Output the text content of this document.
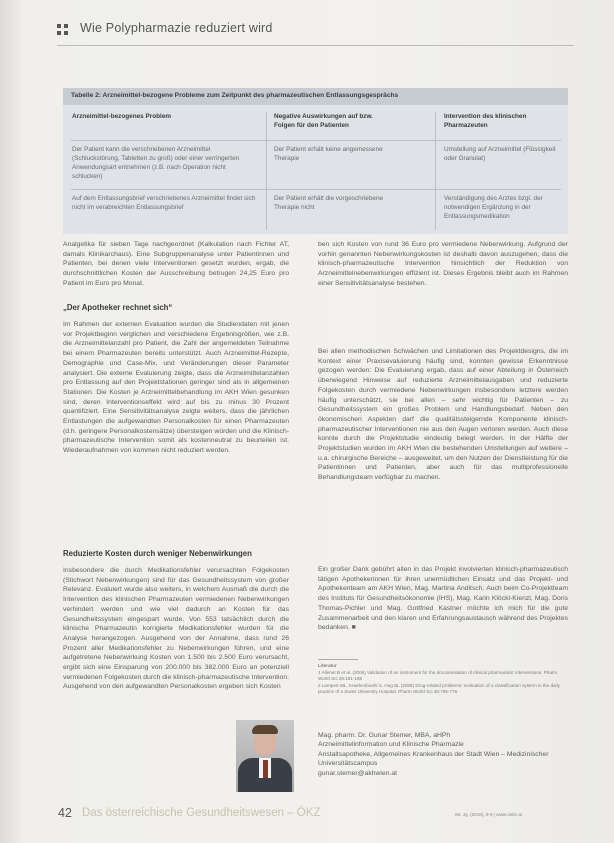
Wie Polypharmazie reduziert wird
Tabelle 2: Arzneimittel-bezogene Probleme zum Zeitpunkt des pharmazeutischen Entlassungsgesprächs
Arzneimittel-bezogenes Problem	Negative Auswirkungen auf bzw. Folgen für den Patienten
Intervention des klinischen Pharmazeuten
Der Patient kann die verschriebenen Arzneimittel (Schluckstörung, Tabletten zu groß) oder einer verringerten Anwendungsart entnehmen (z.B. nach Operation nicht schlucken)
Der Patient erhält keine angemessene Therapie
Umstellung auf Arzneimittel (Flüssigkeit oder Granulat)
Auf dem Entlassungsbrief verschriebenes Arzneimittel findet sich nicht im verabreichten Entlassungsbrief
Der Patient erhält die vorgeschriebene Therapie nicht
Verständigung des Arztes bzgl. der notwendigen Ergänzung in der Entlassungsmedikation
Analgetika für sieben Tage nachgeordnet (Kalkulation nach Fichter AT, damals Klinikarchaus). Eine Subgruppenanalyse unter Patientinnen und Patienten, bei denen viele Interventionen gesetzt wurden, ergab, die durchschnittlichen Kosten der Ausschreibung betrugen 24,25 Euro pro Patient im Euro pro Monat.
„Der Apotheker rechnet sich“
Im Rahmen der externen Evaluation wurden die Studiendaten mit jenen vor Projektbeginn verglichen und verschiedene Ergebnisgrößen, wie z.B. die Arzneimittelanzahl pro Patient, die Zahl der angemeldeten Teilnahme bei einem Pharmazeuten bereits unterstützt. Auch Arzneimittel-Rezepte, Demographie und Case-Mix, und Veränderungen dieser Parameter analysiert. Die externe Evaluierung zeigte, dass die Arzneimittelanzahlen pro Entlassung auf den Projektstationen geringer sind als in allgemeinen Stationen. Die Kosten je Arzneimittelbehandlung im AKH Wien gesunken sind, deren Interventionseffekt wird auf bis zu minus 30 Prozent quantifiziert. Eine Sensitivitätsanalyse zeigte weiters, dass die jährlichen Entlastungen die aufgewandten Personalkosten für einen Pharmazeuten (d.h. geringere Personalkostensätze) übersteigen würden und die Klinisch-pharmazeutische Intervention somit als kostenneutral zu beurteilen ist. Wiederaufnahmen von kommen nicht reduziert werden.
Reduzierte Kosten durch weniger Nebenwirkungen
Insbesondere die durch Medikationsfehler verursachten Folgekosten (Stichwort Nebenwirkungen) sind für das Gesundheitssystem von großer Relevanz. Evaluiert wurde also weiters, in welchem Ausmaß die durch die Intervention des klinischen Pharmazeuten vermiedenen Nebenwirkungen verhindert werden und wie viel dadurch an Kosten für das Gesundheitssystem eingespart wurde. Von 553 tatsächlich durch die klinische Pharmazeutin korrigierte Medikationsfehler wurden für die Analyse herangezogen. Ausgehend von der Annahme, dass rund 26 Prozent aller Medikationsfehler zu Nebenwirkungen führen, und eine aufgetretene Nebenwirkung Kosten von 1.500 bis 2.500 Euro verursacht, ergibt sich eine Einsparung von 200.000 bis 382.000 Euro an potenziell vermiedenen Folgekosten durch die klinisch-pharmazeutische Intervention. Ausgehend von den aufgewandten Personalkosten ergeben sich Kosten
ben sich Kosten von rund 36 Euro pro vermiedene Nebenwirkung. Aufgrund der vorhin genannten Nebenwirkungskosten ist deshalb davon auszugehen, dass die klinisch-pharmazeutische Intervention hinsichtlich der Reduktion von Arzneimittelnebenwirkungen effizient ist. Dieses Ergebnis bleibt auch im Rahmen einer Sensitivitätsanalyse bestehen.
Bei allen methodischen Schwächen und Limitationen des Projektdesigns, die im Kontext einer Praxisevaluierung häufig sind, konnten gewisse Erkenntnisse gezogen werden: Die Evaluierung ergab, dass auf einer Abteilung in Österreich überwiegend Hinweise auf reduzierte Arzneimittelausgaben und reduzierte Folgekosten durch vermiedene Nebenwirkungen insbesondere letztere werden häufig unterschätzt, sie bei allen – sehr wichtig für Patienten – zu Gesundheitssystem ein großes Problem und Handlungsbedarf. Neben den ökonomischen Aspekten darf die qualitätssteigernde Komponente klinisch-pharmazeutischer Interventionen nie aus den Augen verloren werden. Auch diese konnte durch die Projektstudie eindeutig belegt werden. In der Hälfte der Projektstudien wurden im AKH Wien die bestehenden Umstellungen auf weitere – u.a. chirurgische Bereiche – ausgeweitet, um den Nutzen der Dienstleistung für die Patientinnen und Patienten, aber auch für das multiprofessionelle Behandlungsteam verfügbar zu machen.
Ein großer Dank gebührt allen in das Projekt involvierten klinisch-pharmazeutisch tätigen Apothekerinnen für ihren unermüdlichen Einsatz und das Projekt- und Apothekenteam am AKH Wien, Mag. Martina Anditsch. Auch beim Co-Projektteam des Instituts für Gesundheitsökonomie (IHS), Mag. Karin Klöckl-Kienzl, Mag. Doris Thomas-Pichler und Mag. Gottfried Kastner möchte ich mich für die gute Zusammenarbeit und den klaren und Erfahrungsaustausch während des Projektes bedanken. ■
Literatur
1 Allenet B et al. (2006) Validation of an instrument for the documentation of clinical pharmacists’ interventions. Pharm World Sci 28:181-188
2 Lampert ML, Kraehenbuehl S, Hug BL (2008) Drug-related problems: evaluation of a classification system in the daily practice of a Swiss University Hospital. Pharm World Sci 30:768-776
Mag. pharm. Dr. Gunar Stemer, MBA, aHPh
Arzneimittelinformation und Klinische Pharmazie
Anstaltsapotheke, Allgemeines Krankenhaus der Stadt Wien – Medizinischer Universitätscampus
gunar.stemer@akhwien.at
42 Das österreichische Gesundheitswesen – ÖKZ	59. Jg. (2018), 8-9 | www.oekz.at
